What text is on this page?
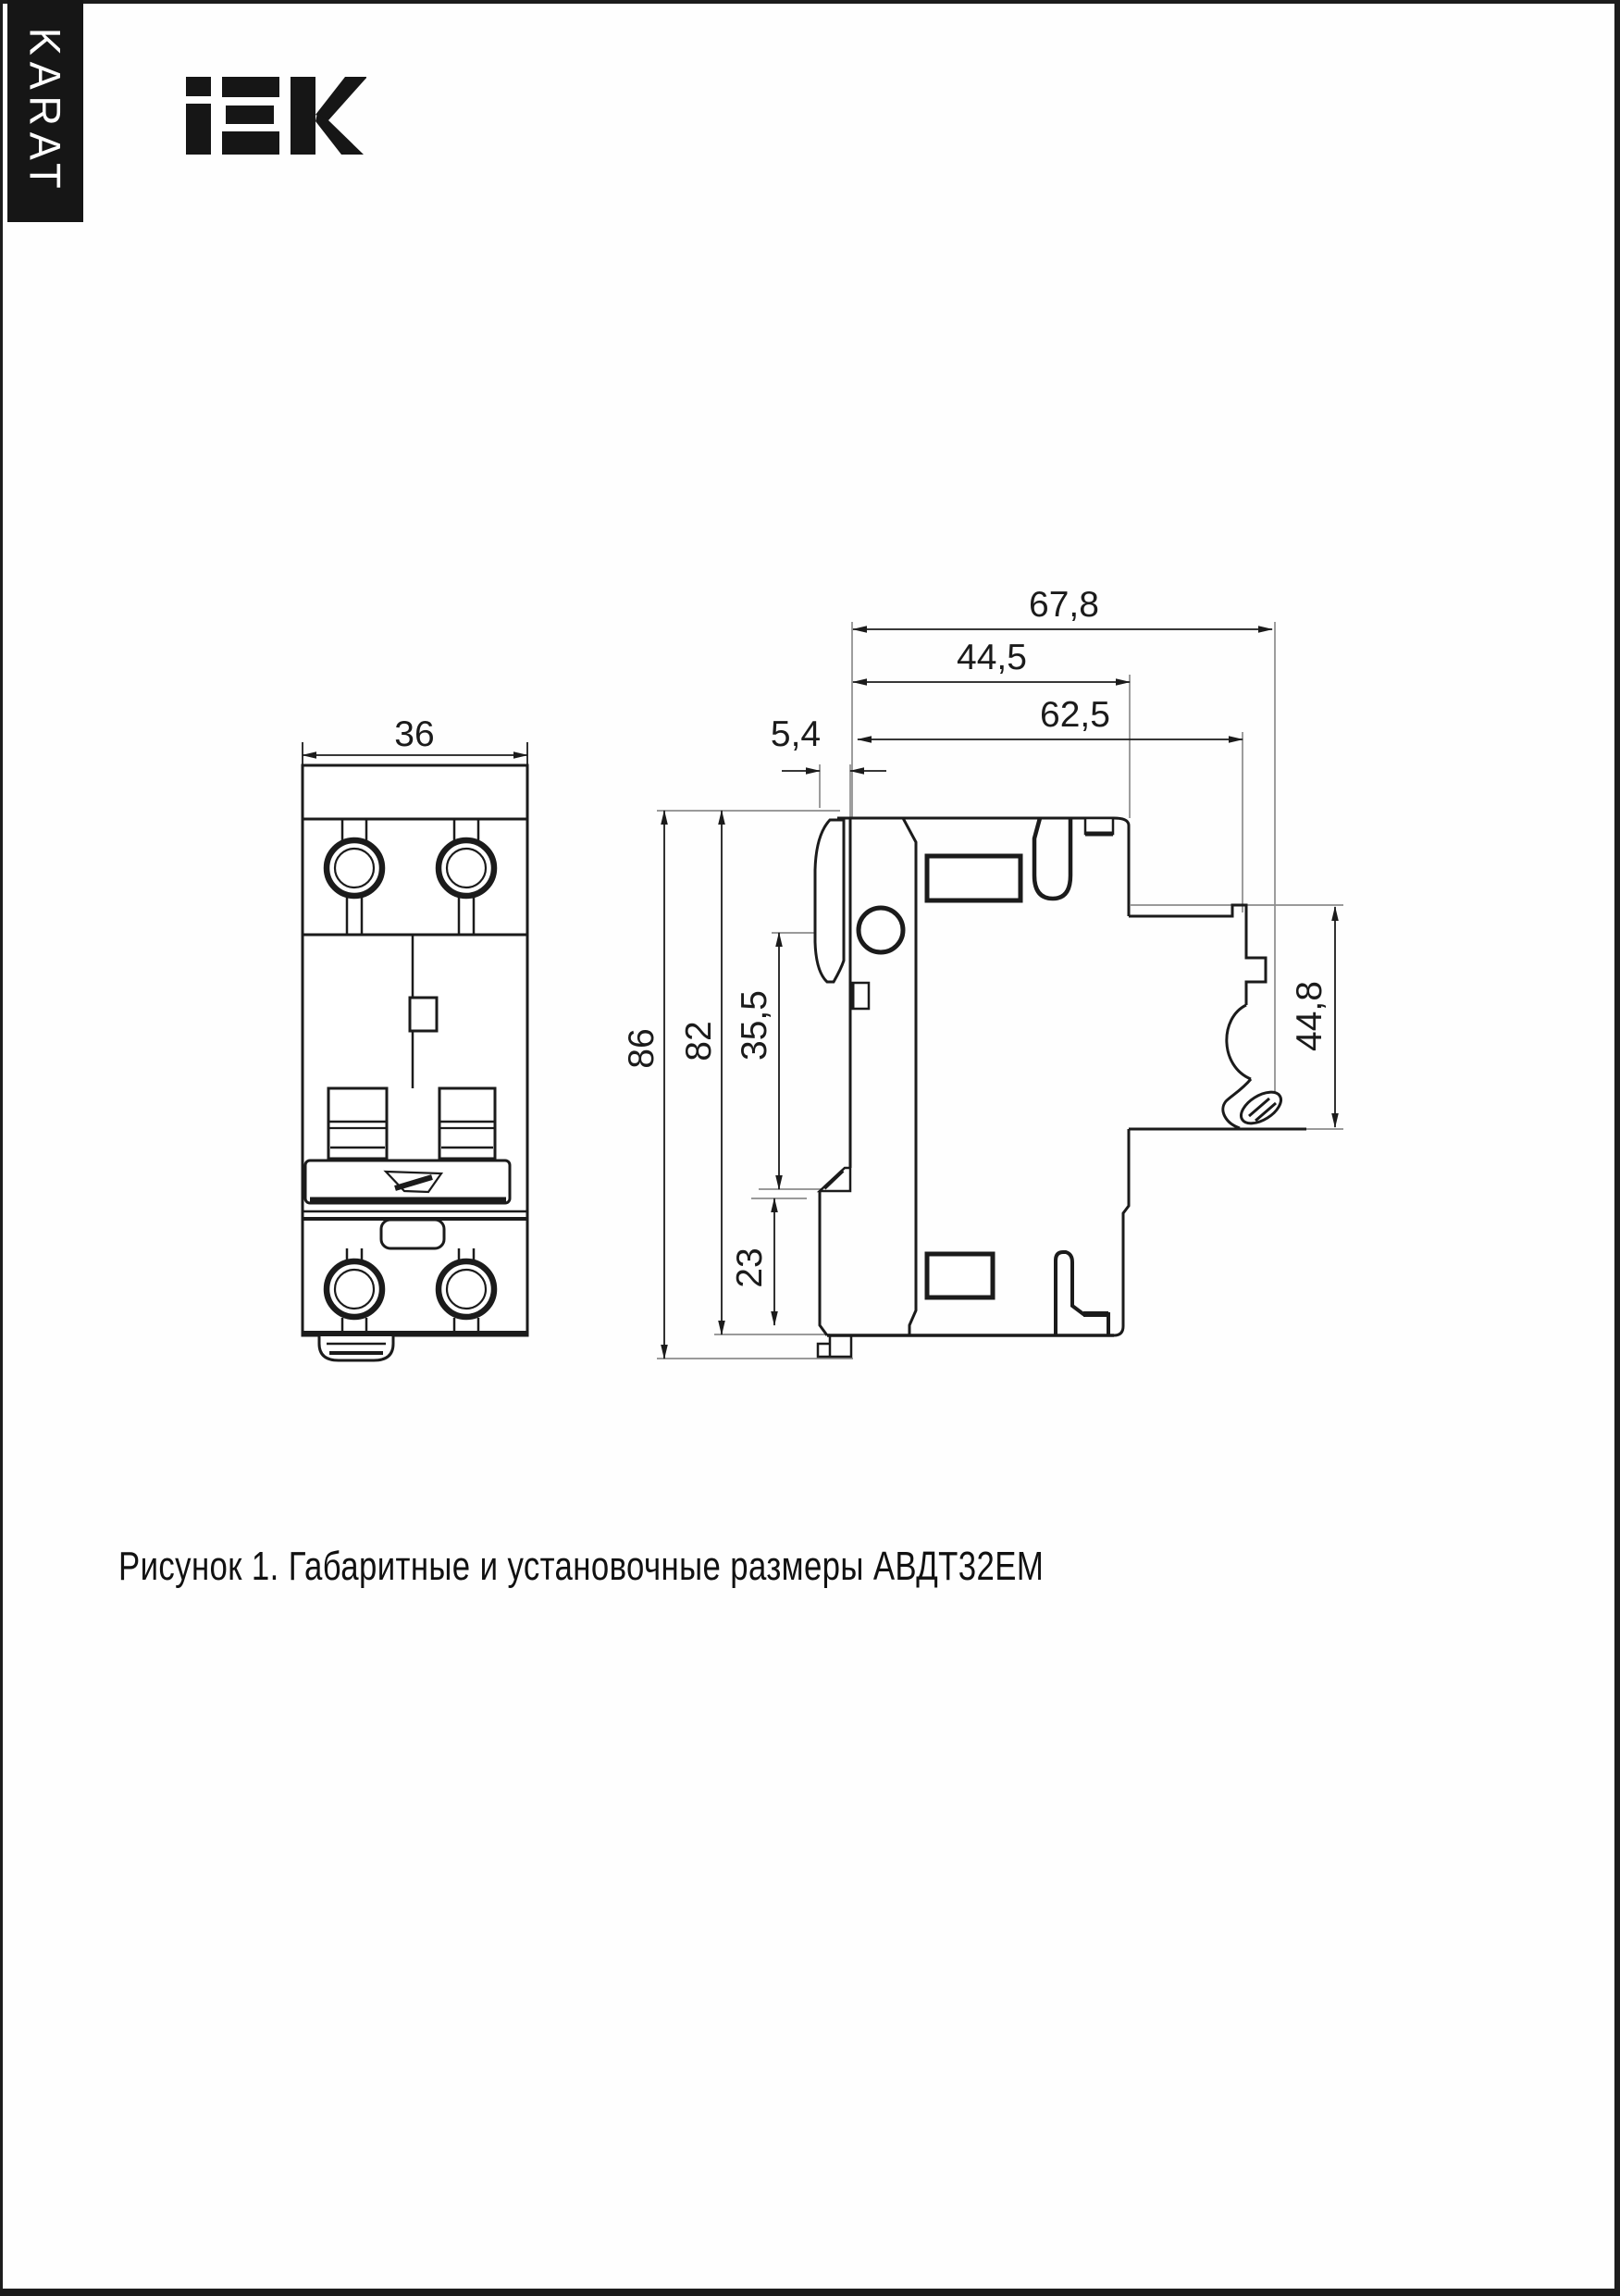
KARAT
36
67,8
44,5
62,5
5,4
86 82 35,5
23
44,8
Рисунок 1. Габаритные и установочные размеры АВДТ32ЕМ
